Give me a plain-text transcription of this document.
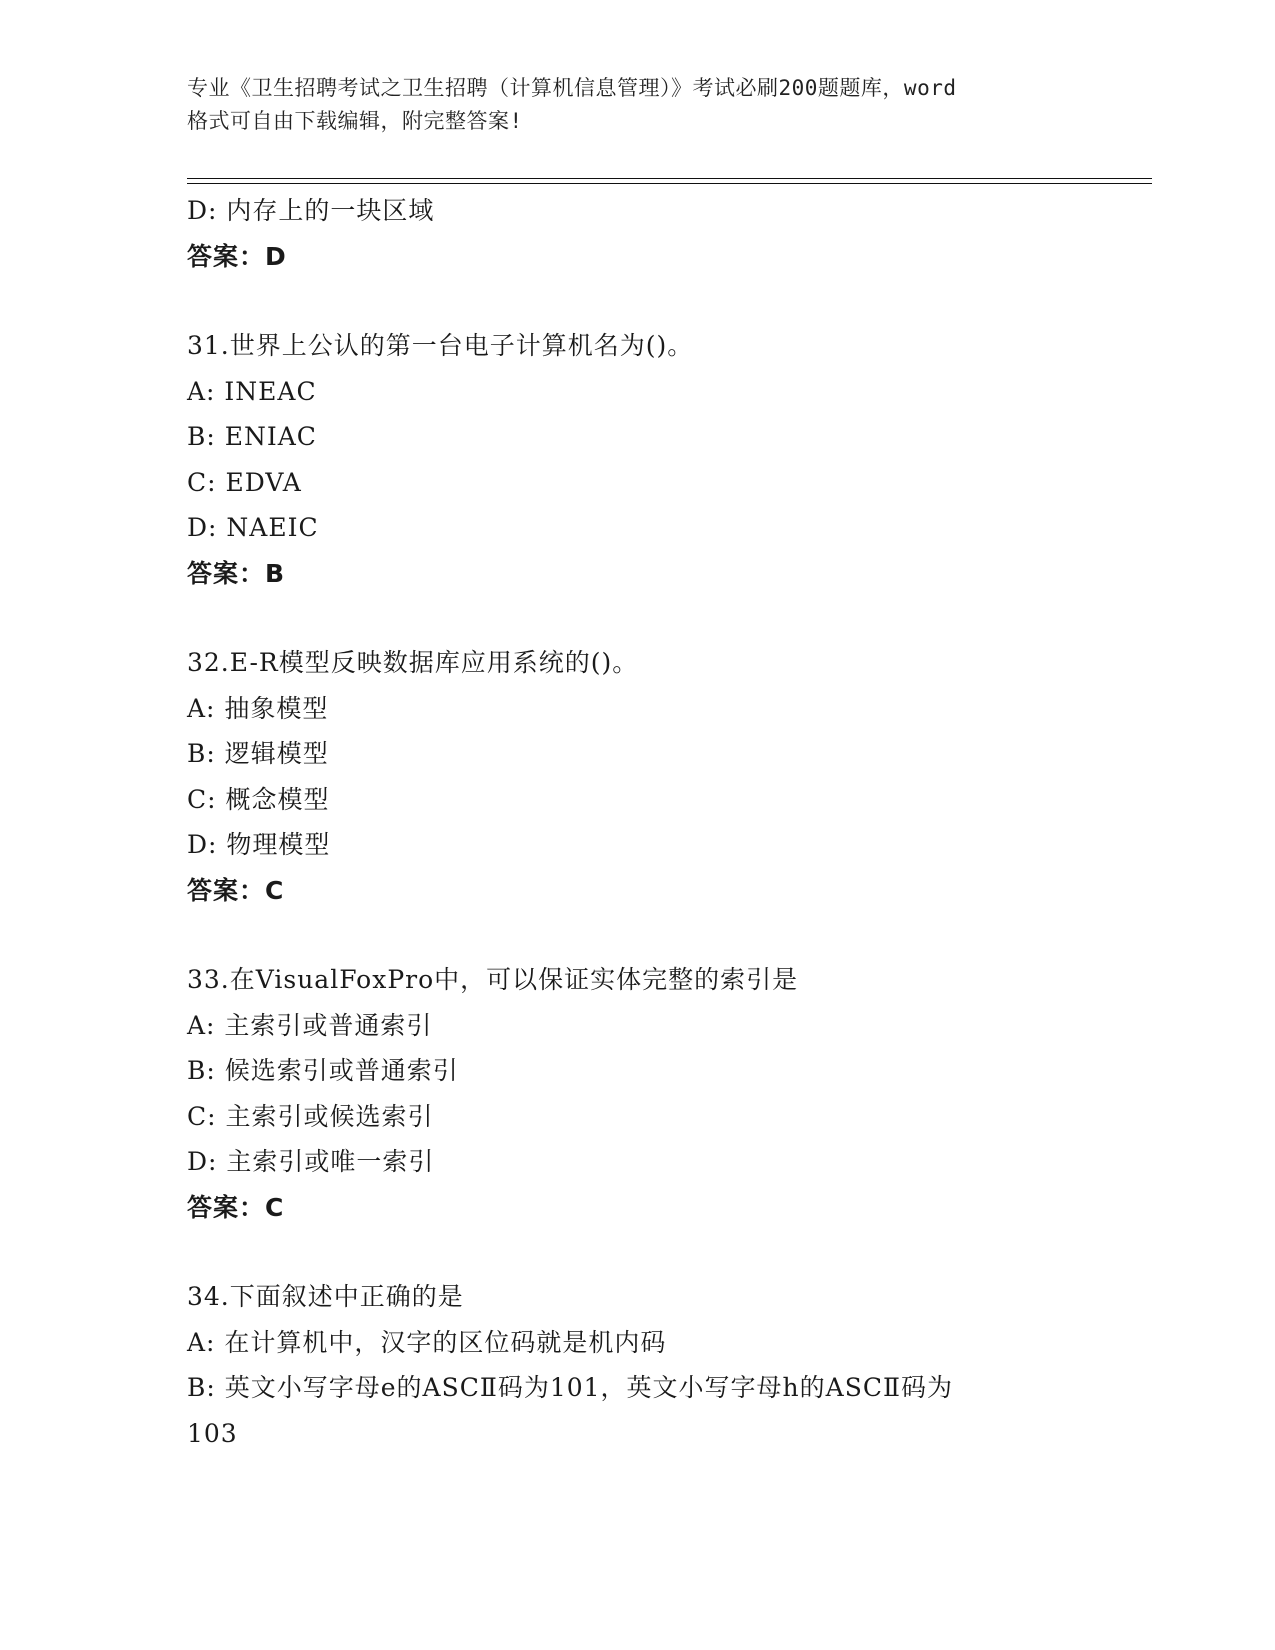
专业《卫生招聘考试之卫生招聘（计算机信息管理）》考试必刷200题题库，word
格式可自由下载编辑，附完整答案!
D: 内存上的一块区域
答案：D
31.世界上公认的第一台电子计算机名为()。
A: INEAC
B: ENIAC
C: EDVA
D: NAEIC
答案：B
32.E-R模型反映数据库应用系统的()。
A: 抽象模型
B: 逻辑模型
C: 概念模型
D: 物理模型
答案：C
33.在VisualFoxPro中，可以保证实体完整的索引是
A: 主索引或普通索引
B: 候选索引或普通索引
C: 主索引或候选索引
D: 主索引或唯一索引
答案：C
34.下面叙述中正确的是
A: 在计算机中，汉字的区位码就是机内码
B: 英文小写字母e的ASCⅡ码为101，英文小写字母h的ASCⅡ码为
103
